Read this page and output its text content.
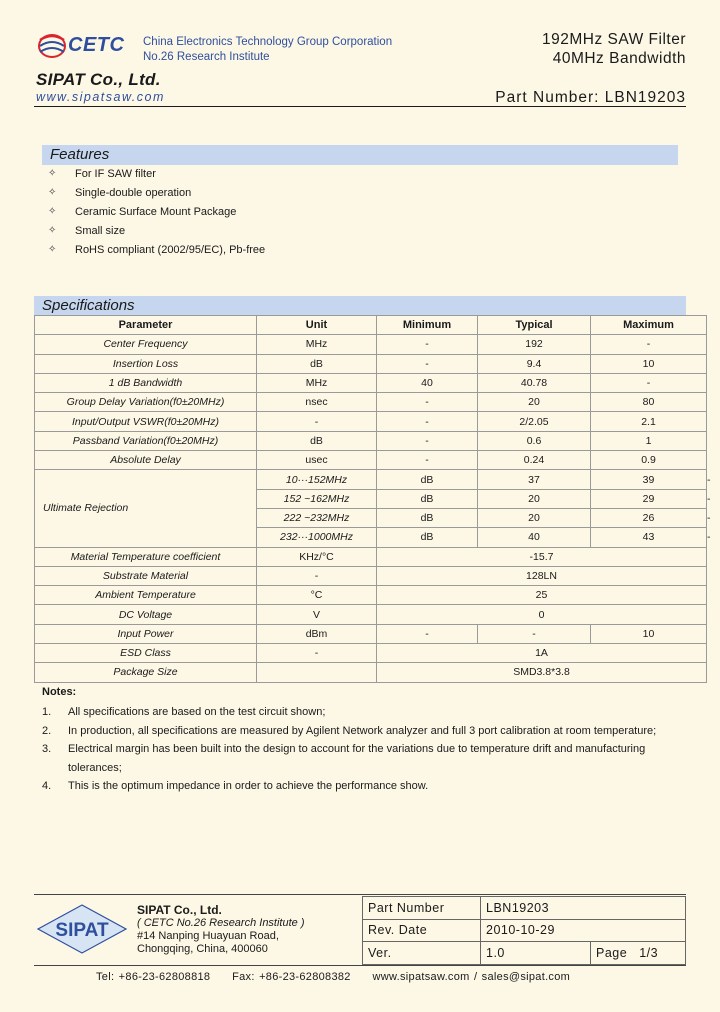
CETC China Electronics Technology Group Corporation
No.26 Research Institute
192MHz SAW Filter
40MHz Bandwidth
SIPAT Co., Ltd.
www.sipatsaw.com	Part Number: LBN19203
Features
✧	For IF SAW filter
✧	Single-double operation
✧	Ceramic Surface Mount Package
✧	Small size
✧	RoHS compliant (2002/95/EC), Pb-free
Specifications
Parameter	Unit	Minimum	Typical	Maximum	
Center Frequency	MHz	-	192	-	
Insertion Loss	dB	-	9.4	10	
1 dB Bandwidth	MHz	40	40.78	-	
Group Delay Variation(f0±20MHz)	nsec	-	20	80	
Input/Output VSWR(f0±20MHz)	-	-	2/2.05	2.1	
Passband Variation(f0±20MHz)	dB	-	0.6	1	
Absolute Delay	usec	-	0.24	0.9	
Ultimate Rejection	10···152MHz	dB	37	39	-
	152 ~162MHz	dB	20	29	-
	222 ~232MHz	dB	20	26	-
	232···1000MHz	dB	40	43	-
Material Temperature coefficient	KHz/°C	-15.7			
Substrate Material	-	128LN			
Ambient Temperature	°C	25			
DC Voltage	V	0			
Input Power	dBm	-	-	10	
ESD Class	-	1A			
Package Size		SMD3.8*3.8			
Notes:
1.	All specifications are based on the test circuit shown;
2.	In production, all specifications are measured by Agilent Network analyzer and full 3 port calibration at room temperature;
3.	Electrical margin has been built into the design to account for the variations due to temperature drift and manufacturing tolerances;
4.	This is the optimum impedance in order to achieve the performance show.
SIPAT
SIPAT Co., Ltd.
( CETC No.26 Research Institute )
#14 Nanping Huayuan Road,
Chongqing, China, 400060
Part Number	LBN19203	
Rev. Date	2010-10-29	
Ver.	1.0	Page 1/3
Tel: +86-23-62808818     Fax: +86-23-62808382     www.sipatsaw.com / sales@sipat.com
